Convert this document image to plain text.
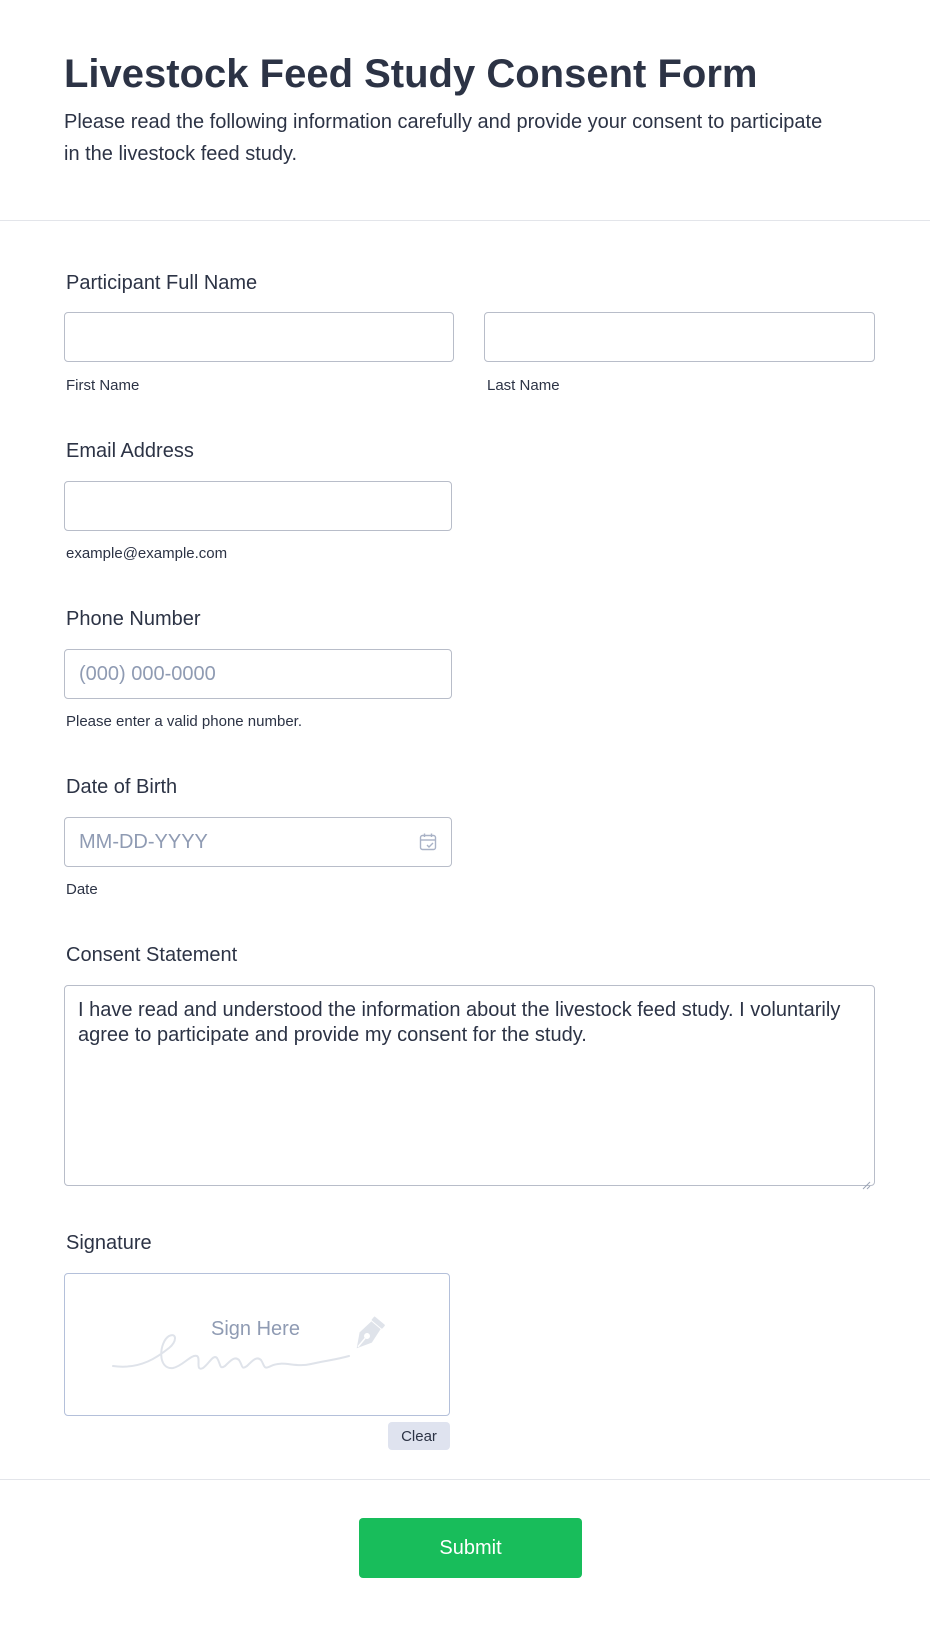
Livestock Feed Study Consent Form

Please read the following information carefully and provide your consent to participate in the livestock feed study.

Participant Full Name
First Name	Last Name
Email Address
example@example.com
Phone Number
(000) 000-0000
Please enter a valid phone number.
Date of Birth
MM-DD-YYYY
Date
Consent Statement
I have read and understood the information about the livestock feed study. I voluntarily agree to participate and provide my consent for the study.
Signature
Sign Here
Clear
Submit
